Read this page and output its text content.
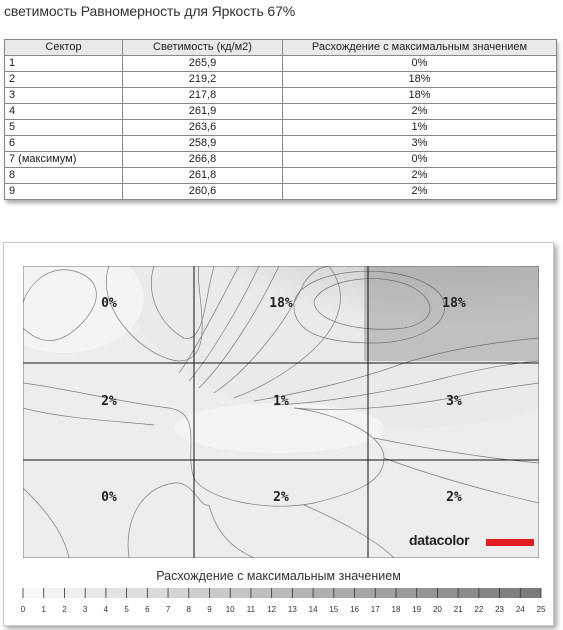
светимость Равномерность для Яркость 67%
Сектор	Светимость (кд/м2)	Расхождение с максимальным значением
1	265,9	0%
2	219,2	18%
3	217,8	18%
4	261,9	2%
5	263,6	1%
6	258,9	3%
7 (максимум)	266,8	0%
8	261,8	2%
9	260,6	2%
0%	18%	18%
2%	1%	3%
0%	2%	2%
0 1 2 3 4 5 6 7 8 9 10 11 12 13 14 15 16 17 18 19 20 21 22 23 24 25
datacolor
Расхождение с максимальным значением
